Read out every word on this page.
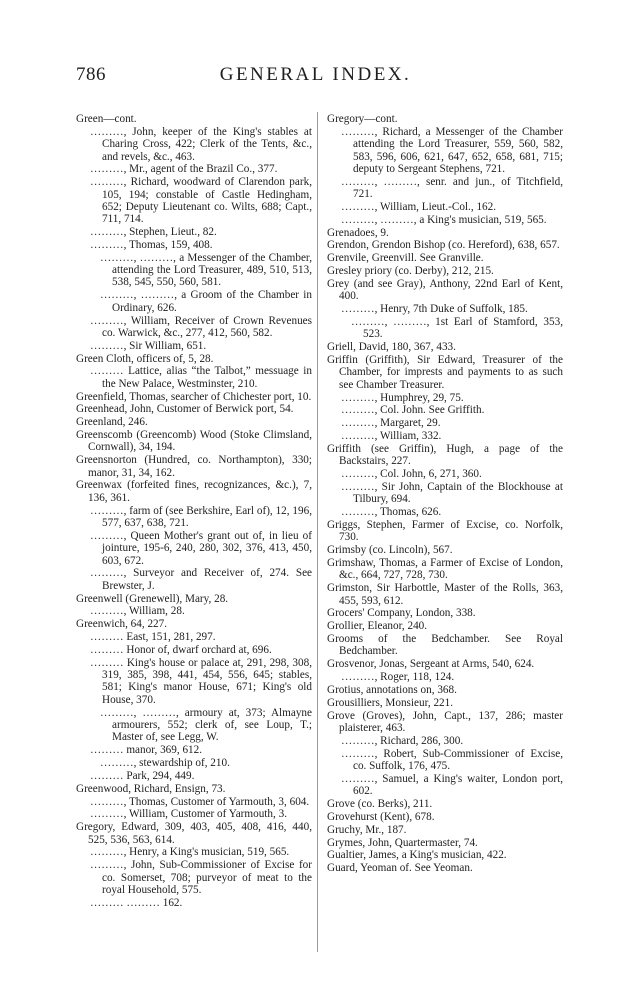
786	GENERAL INDEX.
Green—cont.
………, John, keeper of the King's stables at Charing Cross, 422; Clerk of the Tents, &c., and revels, &c., 463.
………, Mr., agent of the Brazil Co., 377.
………, Richard, woodward of Clarendon park, 105, 194; constable of Castle Hedingham, 652; Deputy Lieutenant co. Wilts, 688; Capt., 711, 714.
………, Stephen, Lieut., 82.
………, Thomas, 159, 408.
………, ………, a Messenger of the Chamber, attending the Lord Treasurer, 489, 510, 513, 538, 545, 550, 560, 581.
………, ………, a Groom of the Chamber in Ordinary, 626.
………, William, Receiver of Crown Revenues co. Warwick, &c., 277, 412, 560, 582.
………, Sir William, 651.
Green Cloth, officers of, 5, 28.
……… Lattice, alias “the Talbot,” messuage in the New Palace, Westminster, 210.
Greenfield, Thomas, searcher of Chichester port, 10.
Greenhead, John, Customer of Berwick port, 54.
Greenland, 246.
Greenscomb (Greencomb) Wood (Stoke Climsland, Cornwall), 34, 194.
Greensnorton (Hundred, co. Northampton), 330; manor, 31, 34, 162.
Greenwax (forfeited fines, recognizances, &c.), 7, 136, 361.
………, farm of (see Berkshire, Earl of), 12, 196, 577, 637, 638, 721.
………, Queen Mother's grant out of, in lieu of jointure, 195-6, 240, 280, 302, 376, 413, 450, 603, 672.
………, Surveyor and Receiver of, 274. See Brewster, J.
Greenwell (Grenewell), Mary, 28.
………, William, 28.
Greenwich, 64, 227.
……… East, 151, 281, 297.
……… Honor of, dwarf orchard at, 696.
……… King's house or palace at, 291, 298, 308, 319, 385, 398, 441, 454, 556, 645; stables, 581; King's manor House, 671; King's old House, 370.
………, ………, armoury at, 373; Almayne armourers, 552; clerk of, see Loup, T.; Master of, see Legg, W.
……… manor, 369, 612.
………, stewardship of, 210.
……… Park, 294, 449.
Greenwood, Richard, Ensign, 73.
………, Thomas, Customer of Yarmouth, 3, 604.
………, William, Customer of Yarmouth, 3.
Gregory, Edward, 309, 403, 405, 408, 416, 440, 525, 536, 563, 614.
………, Henry, a King's musician, 519, 565.
………, John, Sub-Commissioner of Excise for co. Somerset, 708; purveyor of meat to the royal Household, 575.
……… ……… 162.
Gregory—cont.
………, Richard, a Messenger of the Chamber attending the Lord Treasurer, 559, 560, 582, 583, 596, 606, 621, 647, 652, 658, 681, 715; deputy to Sergeant Stephens, 721.
………, ………, senr. and jun., of Titchfield, 721.
………, William, Lieut.-Col., 162.
………, ………, a King's musician, 519, 565.
Grenadoes, 9.
Grendon, Grendon Bishop (co. Hereford), 638, 657.
Grenvile, Greenvill. See Granville.
Gresley priory (co. Derby), 212, 215.
Grey (and see Gray), Anthony, 22nd Earl of Kent, 400.
………, Henry, 7th Duke of Suffolk, 185.
………, ………, 1st Earl of Stamford, 353, 523.
Griell, David, 180, 367, 433.
Griffin (Griffith), Sir Edward, Treasurer of the Chamber, for imprests and payments to as such see Chamber Treasurer.
………, Humphrey, 29, 75.
………, Col. John. See Griffith.
………, Margaret, 29.
………, William, 332.
Griffith (see Griffin), Hugh, a page of the Backstairs, 227.
………, Col. John, 6, 271, 360.
………, Sir John, Captain of the Blockhouse at Tilbury, 694.
………, Thomas, 626.
Griggs, Stephen, Farmer of Excise, co. Norfolk, 730.
Grimsby (co. Lincoln), 567.
Grimshaw, Thomas, a Farmer of Excise of London, &c., 664, 727, 728, 730.
Grimston, Sir Harbottle, Master of the Rolls, 363, 455, 593, 612.
Grocers' Company, London, 338.
Grollier, Eleanor, 240.
Grooms of the Bedchamber. See Royal Bedchamber.
Grosvenor, Jonas, Sergeant at Arms, 540, 624.
………, Roger, 118, 124.
Grotius, annotations on, 368.
Grousilliers, Monsieur, 221.
Grove (Groves), John, Capt., 137, 286; master plaisterer, 463.
………, Richard, 286, 300.
………, Robert, Sub-Commissioner of Excise, co. Suffolk, 176, 475.
………, Samuel, a King's waiter, London port, 602.
Grove (co. Berks), 211.
Grovehurst (Kent), 678.
Gruchy, Mr., 187.
Grymes, John, Quartermaster, 74.
Gualtier, James, a King's musician, 422.
Guard, Yeoman of. See Yeoman.
